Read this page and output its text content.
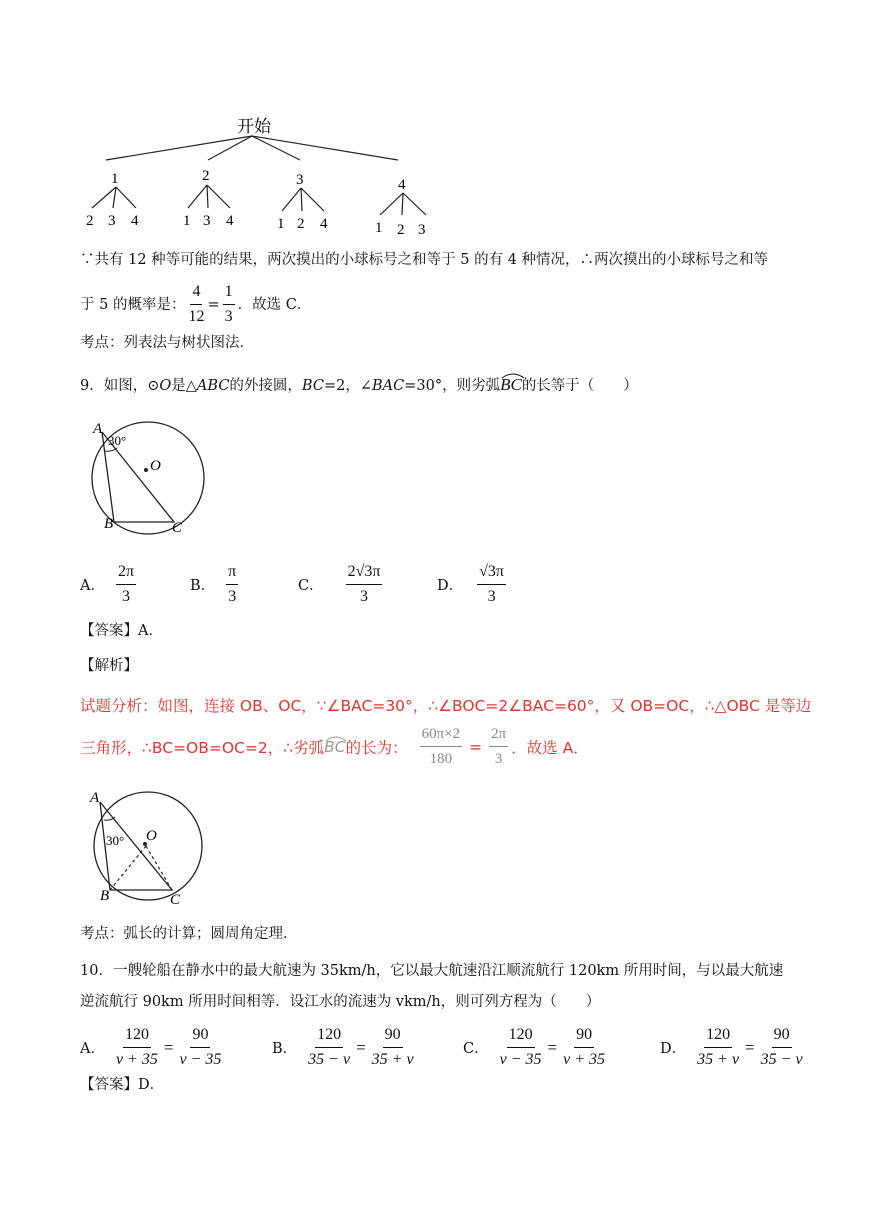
开始
1	2	3	4
2 3 4	1 3 4	1 2 4	1 2 3
∵共有 12 种等可能的结果，两次摸出的小球标号之和等于 5 的有 4 种情况，∴两次摸出的小球标号之和等
于 5 的概率是： $\frac{4}{12} = \frac{1}{3}$ ．故选 C．
考点：列表法与树状图法．
9．如图，⊙O是△ABC的外接圆，BC=2，∠BAC=30°，则劣弧
BC的长等于（　　）
A
30°
O
B	C
A． $\frac{2\pi}{3}$	B． $\frac{\pi}{3}$	C． $\frac{2√3\pi}{3}$	D． $\frac{√3\pi}{3}$
【答案】A．
【解析】
试题分析：如图，连接 OB、OC，∵∠BAC=30°，∴∠BOC=2∠BAC=60°，又 OB=OC，∴△OBC 是等边
三角形，∴BC=OB=OC=2，∴劣弧 BC 的长为： $\frac{60\pi\times 2}{180} = \frac{2\pi}{3}$ ．故选 A．
A
30° O
B	C
考点：弧长的计算；圆周角定理．
10．一艘轮船在静水中的最大航速为 35km/h，它以最大航速沿江顺流航行 120km 所用时间，与以最大航速
逆流航行 90km 所用时间相等．设江水的流速为 vkm/h，则可列方程为（　　）
A． $\frac{120}{v + 35} = \frac{90}{v - 35}$	B． $\frac{120}{35 - v} = \frac{90}{35 + v}$	C． $\frac{120}{v - 35} = \frac{90}{v + 35}$	D． $\frac{120}{35 + v} = \frac{90}{35 - v}$
【答案】D．
